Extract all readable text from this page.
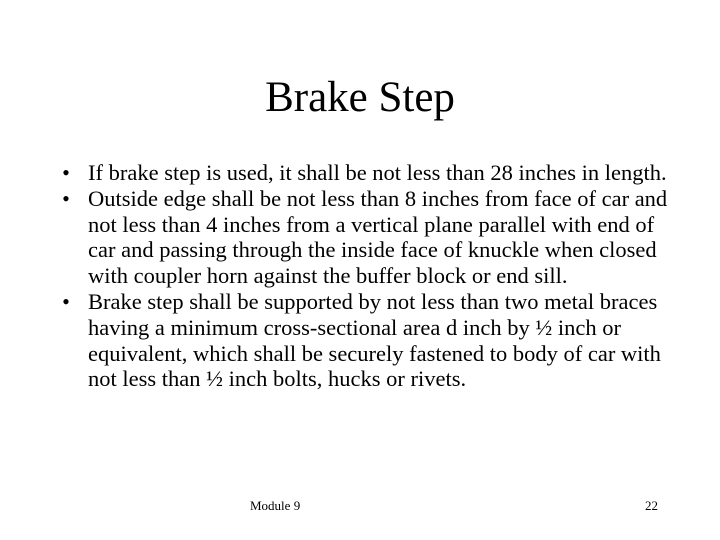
Brake Step
• If brake step is used, it shall be not less than 28 inches in length.
• Outside edge shall be not less than 8 inches from face of car and not less than 4 inches from a vertical plane parallel with end of car and passing through the inside face of knuckle when closed with coupler horn against the buffer block or end sill.
• Brake step shall be supported by not less than two metal braces having a minimum cross-sectional area d inch by ½ inch or equivalent, which shall be securely fastened to body of car with not less than ½ inch bolts, hucks or rivets.
Module 9	22
